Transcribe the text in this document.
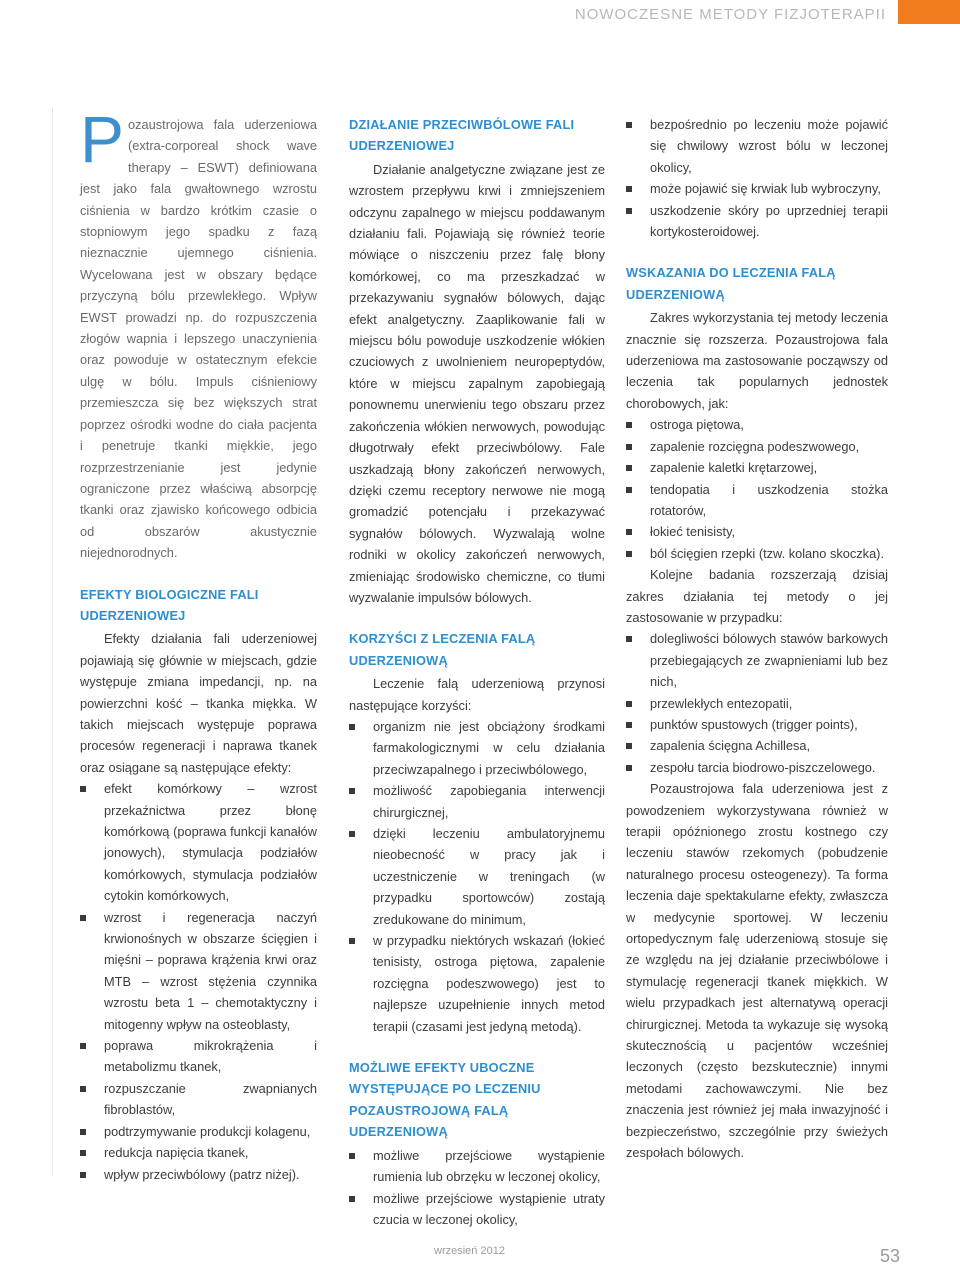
NOWOCZESNE METODY FIZJOTERAPII

Pozaustrojowa fala uderzeniowa (extra-corporeal shock wave therapy – ESWT) definiowana jest jako fala gwałtownego wzrostu ciśnienia w bardzo krótkim czasie o stopniowym jego spadku z fazą nieznacznie ujemnego ciśnienia. Wycelowana jest w obszary będące przyczyną bólu przewlekłego. Wpływ EWST prowadzi np. do rozpuszczenia złogów wapnia i lepszego unaczynienia oraz powoduje w ostatecznym efekcie ulgę w bólu. Impuls ciśnieniowy przemieszcza się bez większych strat poprzez ośrodki wodne do ciała pacjenta i penetruje tkanki miękkie, jego rozprzestrzenianie jest jedynie ograniczone przez właściwą absorpcję tkanki oraz zjawisko końcowego odbicia od obszarów akustycznie niejednorodnych.

EFEKTY BIOLOGICZNE FALI UDERZENIOWEJ

Efekty działania fali uderzeniowej pojawiają się głównie w miejscach, gdzie występuje zmiana impedancji, np. na powierzchni kość – tkanka miękka. W takich miejscach występuje poprawa procesów regeneracji i naprawa tkanek oraz osiągane są następujące efekty:

efekt komórkowy – wzrost przekaźnictwa przez błonę komórkową (poprawa funkcji kanałów jonowych), stymulacja podziałów komórkowych, stymulacja podziałów cytokin komórkowych,
wzrost i regeneracja naczyń krwionośnych w obszarze ścięgien i mięśni – poprawa krążenia krwi oraz MTB – wzrost stężenia czynnika wzrostu beta 1 – chemotaktyczny i mitogenny wpływ na osteoblasty,
poprawa mikrokrążenia i metabolizmu tkanek,
rozpuszczanie zwapnianych fibroblastów,
podtrzymywanie produkcji kolagenu,
redukcja napięcia tkanek,
wpływ przeciwbólowy (patrz niżej).
DZIAŁANIE PRZECIWBÓLOWE FALI UDERZENIOWEJ

Działanie analgetyczne związane jest ze wzrostem przepływu krwi i zmniejszeniem odczynu zapalnego w miejscu poddawanym działaniu fali. Pojawiają się również teorie mówiące o niszczeniu przez falę błony komórkowej, co ma przeszkadzać w przekazywaniu sygnałów bólowych, dając efekt analgetyczny. Zaaplikowanie fali w miejscu bólu powoduje uszkodzenie włókien czuciowych z uwolnieniem neuropeptydów, które w miejscu zapalnym zapobiegają ponownemu unerwieniu tego obszaru przez zakończenia włókien nerwowych, powodując długotrwały efekt przeciwbólowy. Fale uszkadzają błony zakończeń nerwowych, dzięki czemu receptory nerwowe nie mogą gromadzić potencjału i przekazywać sygnałów bólowych. Wyzwalają wolne rodniki w okolicy zakończeń nerwowych, zmieniając środowisko chemiczne, co tłumi wyzwalanie impulsów bólowych.

KORZYŚCI Z LECZENIA FALĄ UDERZENIOWĄ

Leczenie falą uderzeniową przynosi następujące korzyści:

organizm nie jest obciążony środkami farmakologicznymi w celu działania przeciwzapalnego i przeciwbólowego,
możliwość zapobiegania interwencji chirurgicznej,
dzięki leczeniu ambulatoryjnemu nieobecność w pracy jak i uczestniczenie w treningach (w przypadku sportowców) zostają zredukowane do minimum,
w przypadku niektórych wskazań (łokieć tenisisty, ostroga piętowa, zapalenie rozcięgna podeszwowego) jest to najlepsze uzupełnienie innych metod terapii (czasami jest jedyną metodą).
MOŻLIWE EFEKTY UBOCZNE WYSTĘPUJĄCE PO LECZENIU POZAUSTROJOWĄ FALĄ UDERZENIOWĄ
możliwe przejściowe wystąpienie rumienia lub obrzęku w leczonej okolicy,
możliwe przejściowe wystąpienie utraty czucia w leczonej okolicy,
bezpośrednio po leczeniu może pojawić się chwilowy wzrost bólu w leczonej okolicy,
może pojawić się krwiak lub wybroczyny,
uszkodzenie skóry po uprzedniej terapii kortykosteroidowej.
WSKAZANIA DO LECZENIA FALĄ UDERZENIOWĄ

Zakres wykorzystania tej metody leczenia znacznie się rozszerza. Pozaustrojowa fala uderzeniowa ma zastosowanie począwszy od leczenia tak popularnych jednostek chorobowych, jak:

ostroga piętowa,
zapalenie rozcięgna podeszwowego,
zapalenie kaletki krętarzowej,
tendopatia i uszkodzenia stożka rotatorów,
łokieć tenisisty,
ból ścięgien rzepki (tzw. kolano skoczka).

Kolejne badania rozszerzają dzisiaj zakres działania tej metody o jej zastosowanie w przypadku:

dolegliwości bólowych stawów barkowych przebiegających ze zwapnieniami lub bez nich,
przewlekłych entezopatii,
punktów spustowych (trigger points),
zapalenia ścięgna Achillesa,
zespołu tarcia biodrowo-piszczelowego.

Pozaustrojowa fala uderzeniowa jest z powodzeniem wykorzystywana również w terapii opóźnionego zrostu kostnego czy leczeniu stawów rzekomych (pobudzenie naturalnego procesu osteogenezy). Ta forma leczenia daje spektakularne efekty, zwłaszcza w medycynie sportowej. W leczeniu ortopedycznym falę uderzeniową stosuje się ze względu na jej działanie przeciwbólowe i stymulację regeneracji tkanek miękkich. W wielu przypadkach jest alternatywą operacji chirurgicznej. Metoda ta wykazuje się wysoką skutecznością u pacjentów wcześniej leczonych (często bezskutecznie) innymi metodami zachowawczymi. Nie bez znaczenia jest również jej mała inwazyjność i bezpieczeństwo, szczególnie przy świeżych zespołach bólowych.

wrzesień 2012	53
